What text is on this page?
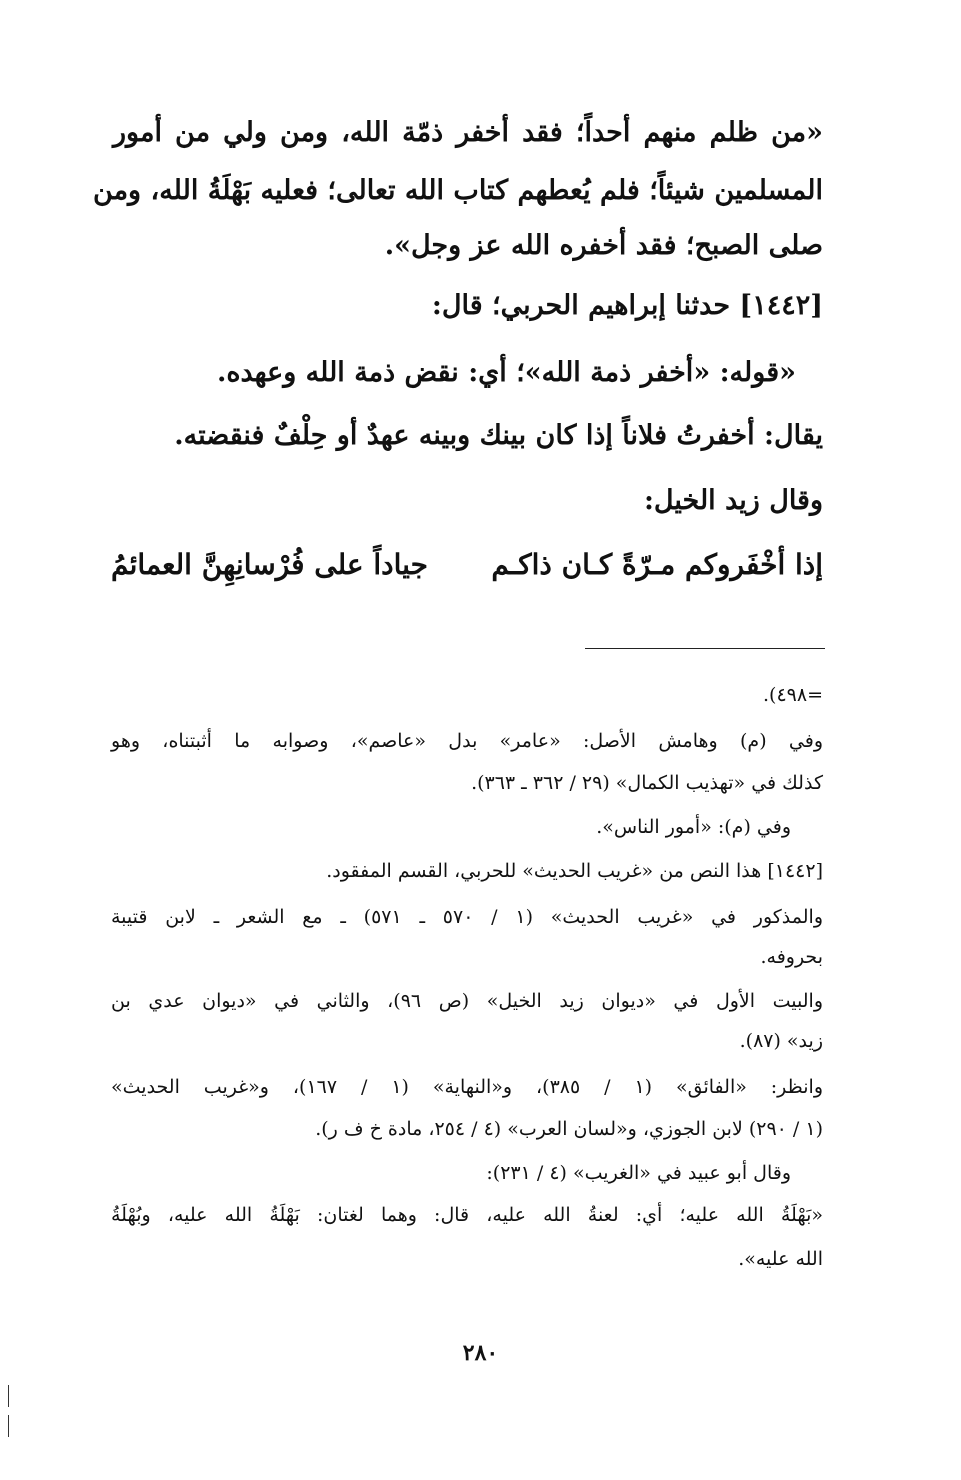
«من ظلم منهم أحداً؛ فقد أخفر ذمّة الله، ومن ولي من أمور
المسلمين شيئاً؛ فلم يُعطهم كتاب الله تعالى؛ فعليه بَهْلَةُ الله، ومن
صلى الصبح؛ فقد أخفره الله عز وجل».
[١٤٤٢] حدثنا إبراهيم الحربي؛ قال:
«قوله: «أخفر ذمة الله»؛ أي: نقض ذمة الله وعهده.
يقال: أخفرتُ فلاناً إذا كان بينك وبينه عهدٌ أو حِلْفٌ فنقضته.
وقال زيد الخيل:
إذا أخْفَروكم مـرّةً كـان ذاكـم
جياداً على فُرْسانِهِنَّ العمائمُ
=٤٩٨).
وفي (م) وهامش الأصل: «عامر» بدل «عاصم»، وصوابه ما أثبتناه، وهو
كذلك في «تهذيب الكمال» (٢٩ / ٣٦٢ ـ ٣٦٣).
وفي (م): «أمور الناس».
[١٤٤٢] هذا النص من «غريب الحديث» للحربي، القسم المفقود.
والمذكور في «غريب الحديث» (١ / ٥٧٠ ـ ٥٧١) ـ مع الشعر ـ لابن قتيبة
بحروفه.
والبيت الأول في «ديوان زيد الخيل» (ص ٩٦)، والثاني في «ديوان عدي بن
زيد» (٨٧).
وانظر: «الفائق» (١ / ٣٨٥)، و«النهاية» (١ / ١٦٧)، و«غريب الحديث»
(١ / ٢٩٠) لابن الجوزي، و«لسان العرب» (٤ / ٢٥٤، مادة خ ف ر).
وقال أبو عبيد في «الغريب» (٤ / ٢٣١):
«بَهْلَةُ الله عليه؛ أي: لعنةُ الله عليه، قال: وهما لغتان: بَهْلَةُ الله عليه، وبُهْلَةُ
الله عليه».
٢٨٠
